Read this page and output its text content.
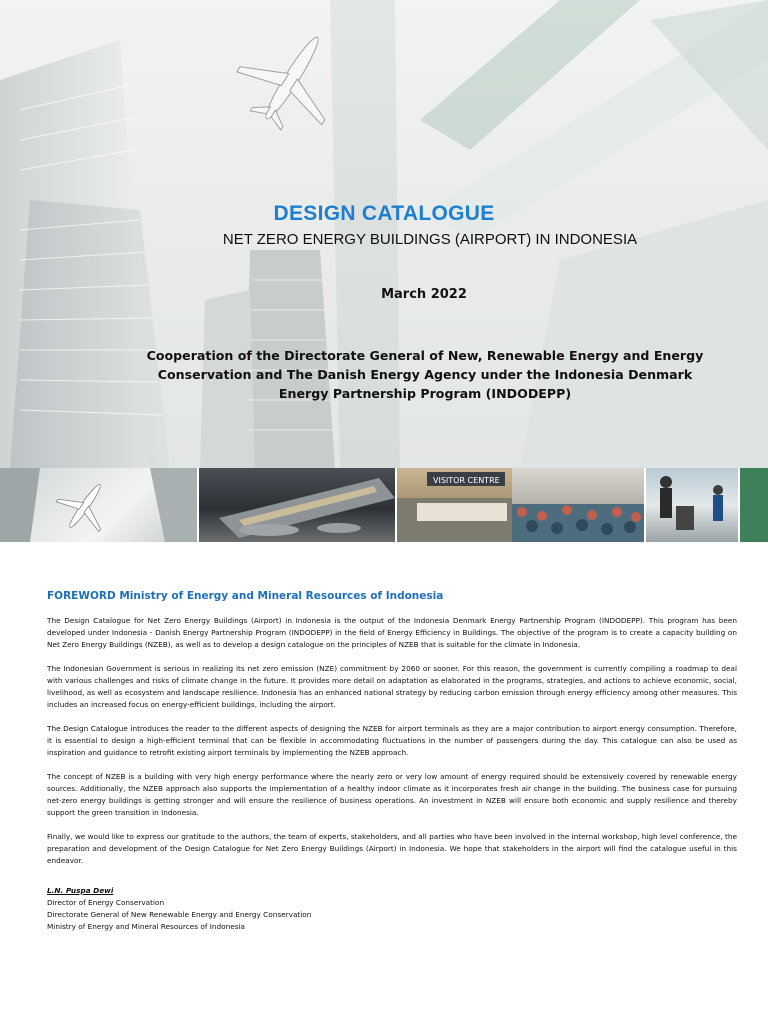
DESIGN CATALOGUE
NET ZERO ENERGY BUILDINGS (AIRPORT) IN INDONESIA
March 2022
Cooperation of the Directorate General of New, Renewable Energy and Energy Conservation and The Danish Energy Agency under the Indonesia Denmark Energy Partnership Program (INDODEPP)
VISITOR CENTRE
FOREWORD Ministry of Energy and Mineral Resources of Indonesia

The Design Catalogue for Net Zero Energy Buildings (Airport) in Indonesia is the output of the Indonesia Denmark Energy Partnership Program (INDODEPP). This program has been developed under Indonesia - Danish Energy Partnership Program (INDODEPP) in the field of Energy Efficiency in Buildings. The objective of the program is to create a capacity building on Net Zero Energy Buildings (NZEB), as well as to develop a design catalogue on the principles of NZEB that is suitable for the climate in Indonesia.

The Indonesian Government is serious in realizing its net zero emission (NZE) commitment by 2060 or sooner. For this reason, the government is currently compiling a roadmap to deal with various challenges and risks of climate change in the future. It provides more detail on adaptation as elaborated in the programs, strategies, and actions to achieve economic, social, livelihood, as well as ecosystem and landscape resilience. Indonesia has an enhanced national strategy by reducing carbon emission through energy efficiency among other measures. This includes an increased focus on energy-efficient buildings, including the airport.

The Design Catalogue introduces the reader to the different aspects of designing the NZEB for airport terminals as they are a major contribution to airport energy consumption. Therefore, it is essential to design a high-efficient terminal that can be flexible in accommodating fluctuations in the number of passengers during the day. This catalogue can also be used as inspiration and guidance to retrofit existing airport terminals by implementing the NZEB approach.

The concept of NZEB is a building with very high energy performance where the nearly zero or very low amount of energy required should be extensively covered by renewable energy sources. Additionally, the NZEB approach also supports the implementation of a healthy indoor climate as it incorporates fresh air change in the building. The business case for pursuing net-zero energy buildings is getting stronger and will ensure the resilience of business operations. An investment in NZEB will ensure both economic and supply resilience and thereby support the green transition in Indonesia.

Finally, we would like to express our gratitude to the authors, the team of experts, stakeholders, and all parties who have been involved in the internal workshop, high level conference, the preparation and development of the Design Catalogue for Net Zero Energy Buildings (Airport) in Indonesia. We hope that stakeholders in the airport will find the catalogue useful in this endeavor.

L.N. Puspa Dewi
Director of Energy Conservation
Directorate General of New Renewable Energy and Energy Conservation
Ministry of Energy and Mineral Resources of Indonesia
